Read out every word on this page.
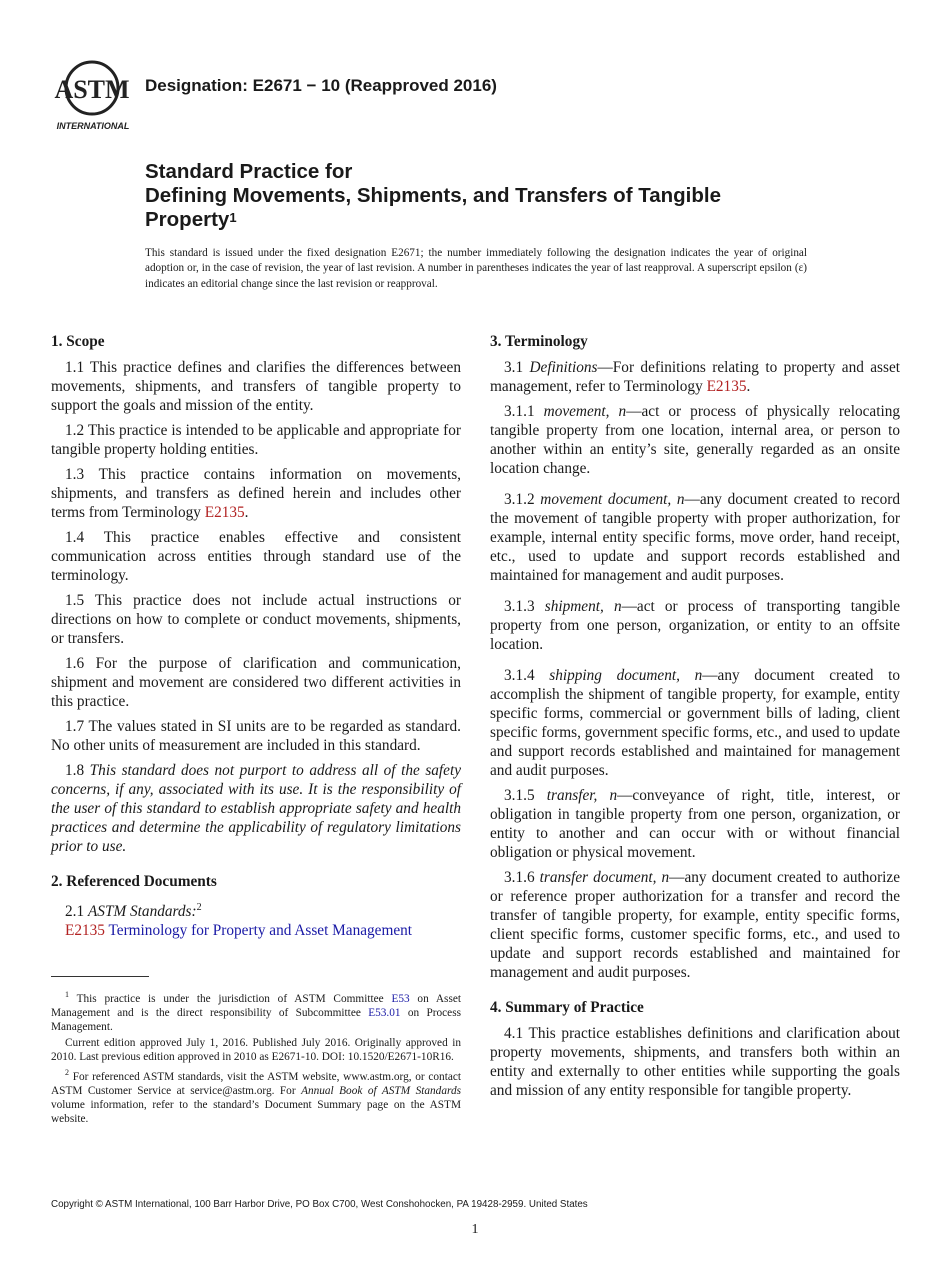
ASTM
INTERNATIONAL
Designation: E2671 − 10 (Reapproved 2016)
Standard Practice for
Defining Movements, Shipments, and Transfers of Tangible
Property$^1$
This standard is issued under the fixed designation E2671; the number immediately following the designation indicates the year of original adoption or, in the case of revision, the year of last revision. A number in parentheses indicates the year of last reapproval. A superscript epsilon (ε) indicates an editorial change since the last revision or reapproval.
1. Scope

1.1 This practice defines and clarifies the differences between movements, shipments, and transfers of tangible property to support the goals and mission of the entity.

1.2 This practice is intended to be applicable and appropriate for tangible property holding entities.

1.3 This practice contains information on movements, shipments, and transfers as defined herein and includes other terms from Terminology E2135.

1.4 This practice enables effective and consistent communication across entities through standard use of the terminology.

1.5 This practice does not include actual instructions or directions on how to complete or conduct movements, shipments, or transfers.

1.6 For the purpose of clarification and communication, shipment and movement are considered two different activities in this practice.

1.7 The values stated in SI units are to be regarded as standard. No other units of measurement are included in this standard.

1.8 This standard does not purport to address all of the safety concerns, if any, associated with its use. It is the responsibility of the user of this standard to establish appropriate safety and health practices and determine the applicability of regulatory limitations prior to use.

2. Referenced Documents

2.1 ASTM Standards:$^2$

E2135 Terminology for Property and Asset Management

$^1$ This practice is under the jurisdiction of ASTM Committee E53 on Asset Management and is the direct responsibility of Subcommittee E53.01 on Process Management.

Current edition approved July 1, 2016. Published July 2016. Originally approved in 2010. Last previous edition approved in 2010 as E2671-10. DOI: 10.1520/E2671-10R16.

$^2$ For referenced ASTM standards, visit the ASTM website, www.astm.org, or contact ASTM Customer Service at service@astm.org. For Annual Book of ASTM Standards volume information, refer to the standard’s Document Summary page on the ASTM website.

3. Terminology

3.1 Definitions—For definitions relating to property and asset management, refer to Terminology E2135.

3.1.1 movement, n—act or process of physically relocating tangible property from one location, internal area, or person to another within an entity’s site, generally regarded as an onsite location change.

3.1.2 movement document, n—any document created to record the movement of tangible property with proper authorization, for example, internal entity specific forms, move order, hand receipt, etc., used to update and support records established and maintained for management and audit purposes.

3.1.3 shipment, n—act or process of transporting tangible property from one person, organization, or entity to an offsite location.

3.1.4 shipping document, n—any document created to accomplish the shipment of tangible property, for example, entity specific forms, commercial or government bills of lading, client specific forms, government specific forms, etc., and used to update and support records established and maintained for management and audit purposes.

3.1.5 transfer, n—conveyance of right, title, interest, or obligation in tangible property from one person, organization, or entity to another and can occur with or without financial obligation or physical movement.

3.1.6 transfer document, n—any document created to authorize or reference proper authorization for a transfer and record the transfer of tangible property, for example, entity specific forms, client specific forms, customer specific forms, etc., and used to update and support records established and maintained for management and audit purposes.

4. Summary of Practice

4.1 This practice establishes definitions and clarification about property movements, shipments, and transfers both within an entity and externally to other entities while supporting the goals and mission of any entity responsible for tangible property.

Copyright © ASTM International, 100 Barr Harbor Drive, PO Box C700, West Conshohocken, PA 19428-2959. United States
1
